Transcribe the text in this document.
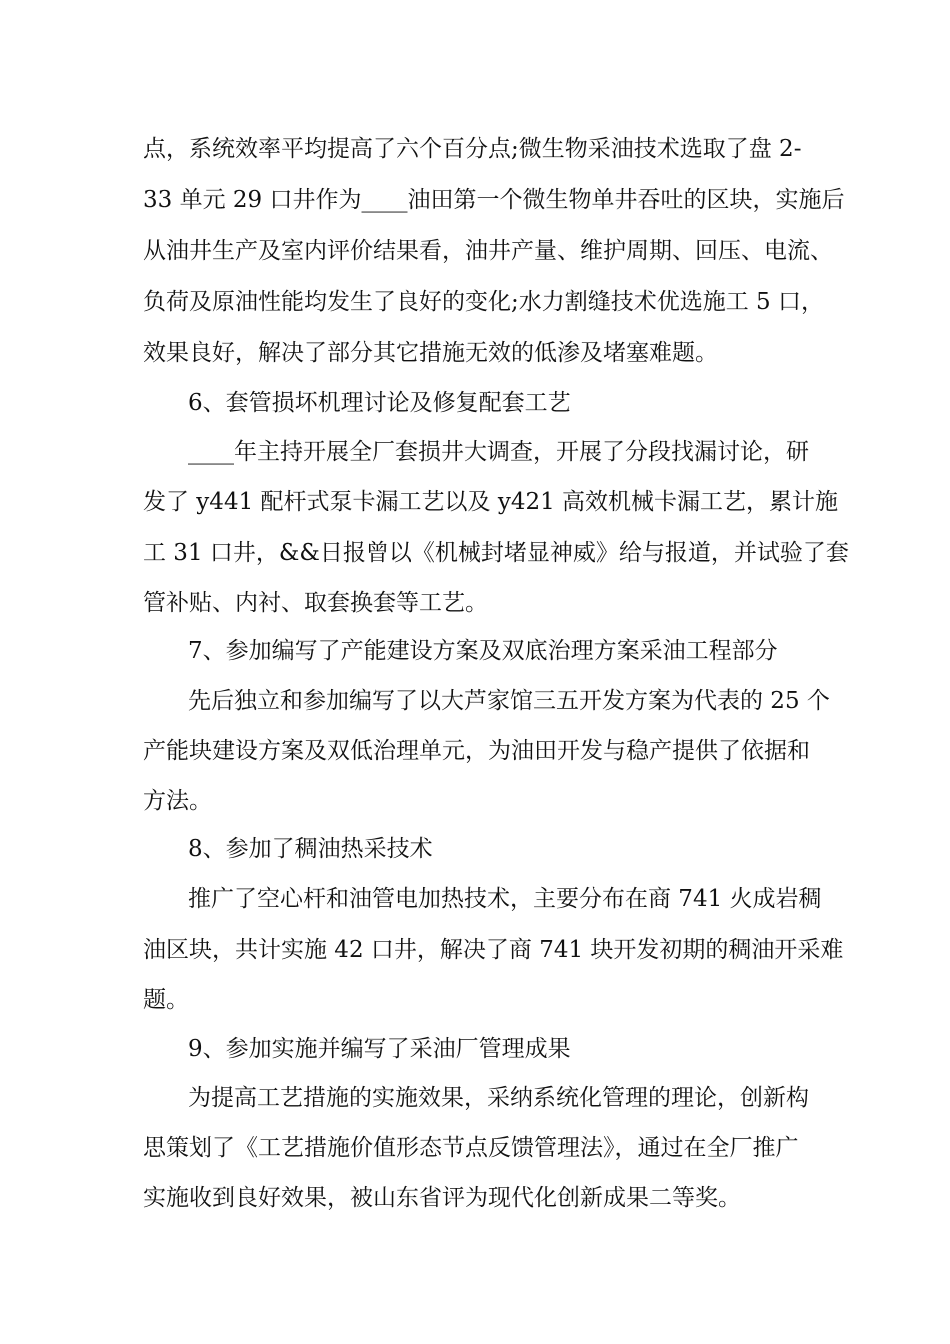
点，系统效率平均提高了六个百分点;微生物采油技术选取了盘 2-

33 单元 29 口井作为____油田第一个微生物单井吞吐的区块，实施后

从油井生产及室内评价结果看，油井产量、维护周期、回压、电流、

负荷及原油性能均发生了良好的变化;水力割缝技术优选施工 5 口，

效果良好，解决了部分其它措施无效的低渗及堵塞难题。

6、套管损坏机理讨论及修复配套工艺

____年主持开展全厂套损井大调查，开展了分段找漏讨论，研

发了 y441 配杆式泵卡漏工艺以及 y421 高效机械卡漏工艺，累计施

工 31 口井，&&日报曾以《机械封堵显神威》给与报道，并试验了套

管补贴、内衬、取套换套等工艺。

7、参加编写了产能建设方案及双底治理方案采油工程部分

先后独立和参加编写了以大芦家馆三五开发方案为代表的 25 个

产能块建设方案及双低治理单元，为油田开发与稳产提供了依据和

方法。

8、参加了稠油热采技术

推广了空心杆和油管电加热技术，主要分布在商 741 火成岩稠

油区块，共计实施 42 口井，解决了商 741 块开发初期的稠油开采难

题。

9、参加实施并编写了采油厂管理成果

为提高工艺措施的实施效果，采纳系统化管理的理论，创新构

思策划了《工艺措施价值形态节点反馈管理法》，通过在全厂推广

实施收到良好效果，被山东省评为现代化创新成果二等奖。
